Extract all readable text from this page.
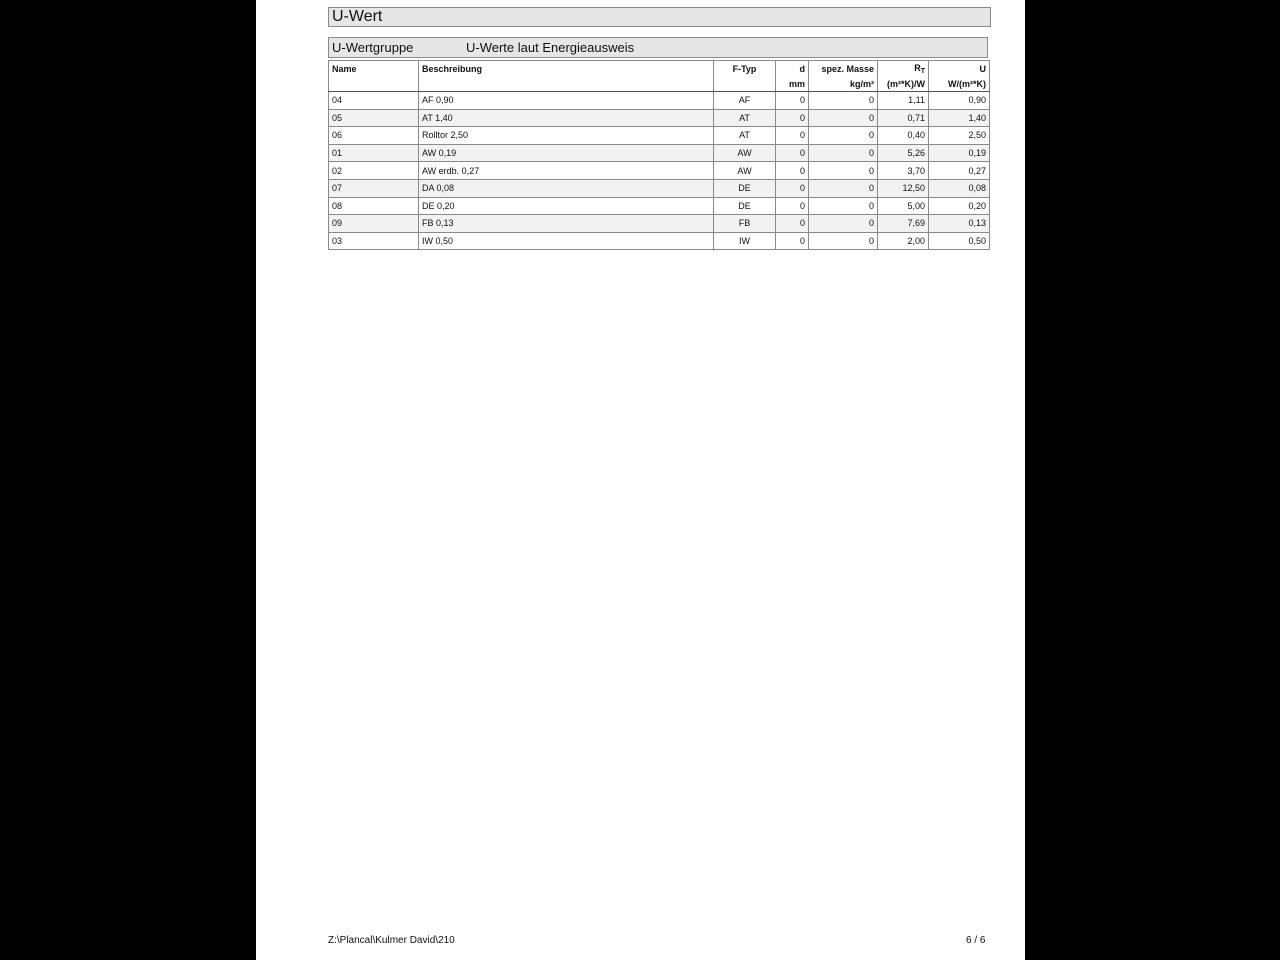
U-Wert
U-Wertgruppe	U-Werte laut Energieausweis
Name	Beschreibung	F-Typ	d	spez. Masse	$R_T$	U
			mm	kg/m²	(m²*K)/W	W/(m²*K)
04	AF 0,90	AF	0	0	1,11	0,90
05	AT 1,40	AT	0	0	0,71	1,40
06	Rolltor 2,50	AT	0	0	0,40	2,50
01	AW 0,19	AW	0	0	5,26	0,19
02	AW erdb. 0,27	AW	0	0	3,70	0,27
07	DA 0,08	DE	0	0	12,50	0,08
08	DE 0,20	DE	0	0	5,00	0,20
09	FB 0,13	FB	0	0	7,69	0,13
03	IW 0,50	IW	0	0	2,00	0,50
Z:\Plancal\Kulmer David\210	6 / 6
